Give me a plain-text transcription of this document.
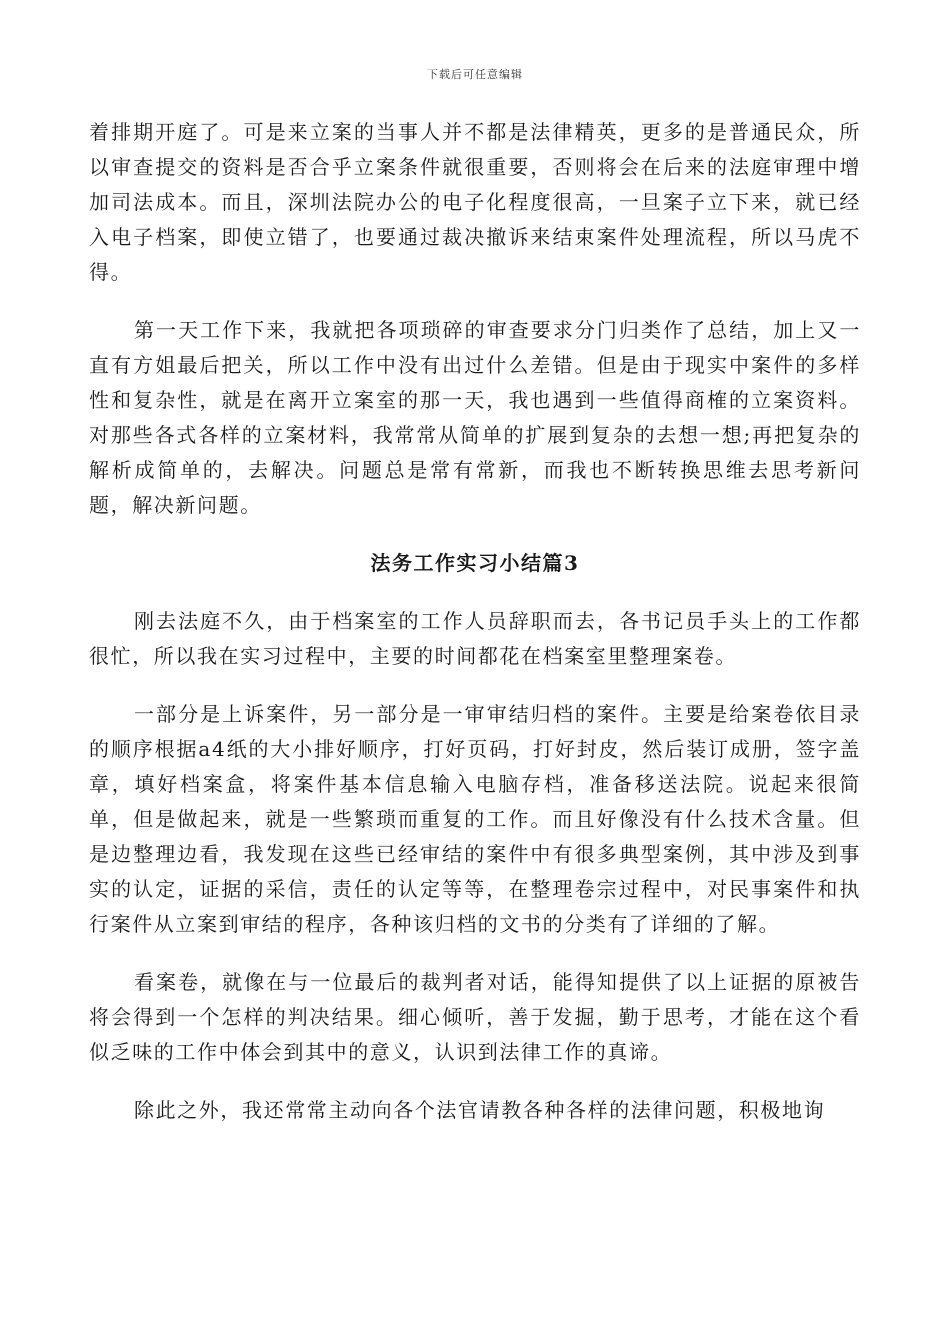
下载后可任意编辑

着排期开庭了。可是来立案的当事人并不都是法律精英，更多的是普通民众，所以审查提交的资料是否合乎立案条件就很重要，否则将会在后来的法庭审理中增加司法成本。而且，深圳法院办公的电子化程度很高，一旦案子立下来，就已经入电子档案，即使立错了，也要通过裁决撤诉来结束案件处理流程，所以马虎不得。

第一天工作下来，我就把各项琐碎的审查要求分门归类作了总结，加上又一直有方姐最后把关，所以工作中没有出过什么差错。但是由于现实中案件的多样性和复杂性，就是在离开立案室的那一天，我也遇到一些值得商榷的立案资料。对那些各式各样的立案材料，我常常从简单的扩展到复杂的去想一想;再把复杂的解析成简单的，去解决。问题总是常有常新，而我也不断转换思维去思考新问题，解决新问题。

法务工作实习小结篇3

刚去法庭不久，由于档案室的工作人员辞职而去，各书记员手头上的工作都很忙，所以我在实习过程中，主要的时间都花在档案室里整理案卷。

一部分是上诉案件，另一部分是一审审结归档的案件。主要是给案卷依目录的顺序根据a4纸的大小排好顺序，打好页码，打好封皮，然后装订成册，签字盖章，填好档案盒，将案件基本信息输入电脑存档，准备移送法院。说起来很简单，但是做起来，就是一些繁琐而重复的工作。而且好像没有什么技术含量。但是边整理边看，我发现在这些已经审结的案件中有很多典型案例，其中涉及到事实的认定，证据的采信，责任的认定等等，在整理卷宗过程中，对民事案件和执行案件从立案到审结的程序，各种该归档的文书的分类有了详细的了解。

看案卷，就像在与一位最后的裁判者对话，能得知提供了以上证据的原被告将会得到一个怎样的判决结果。细心倾听，善于发掘，勤于思考，才能在这个看似乏味的工作中体会到其中的意义，认识到法律工作的真谛。

除此之外，我还常常主动向各个法官请教各种各样的法律问题，积极地询
